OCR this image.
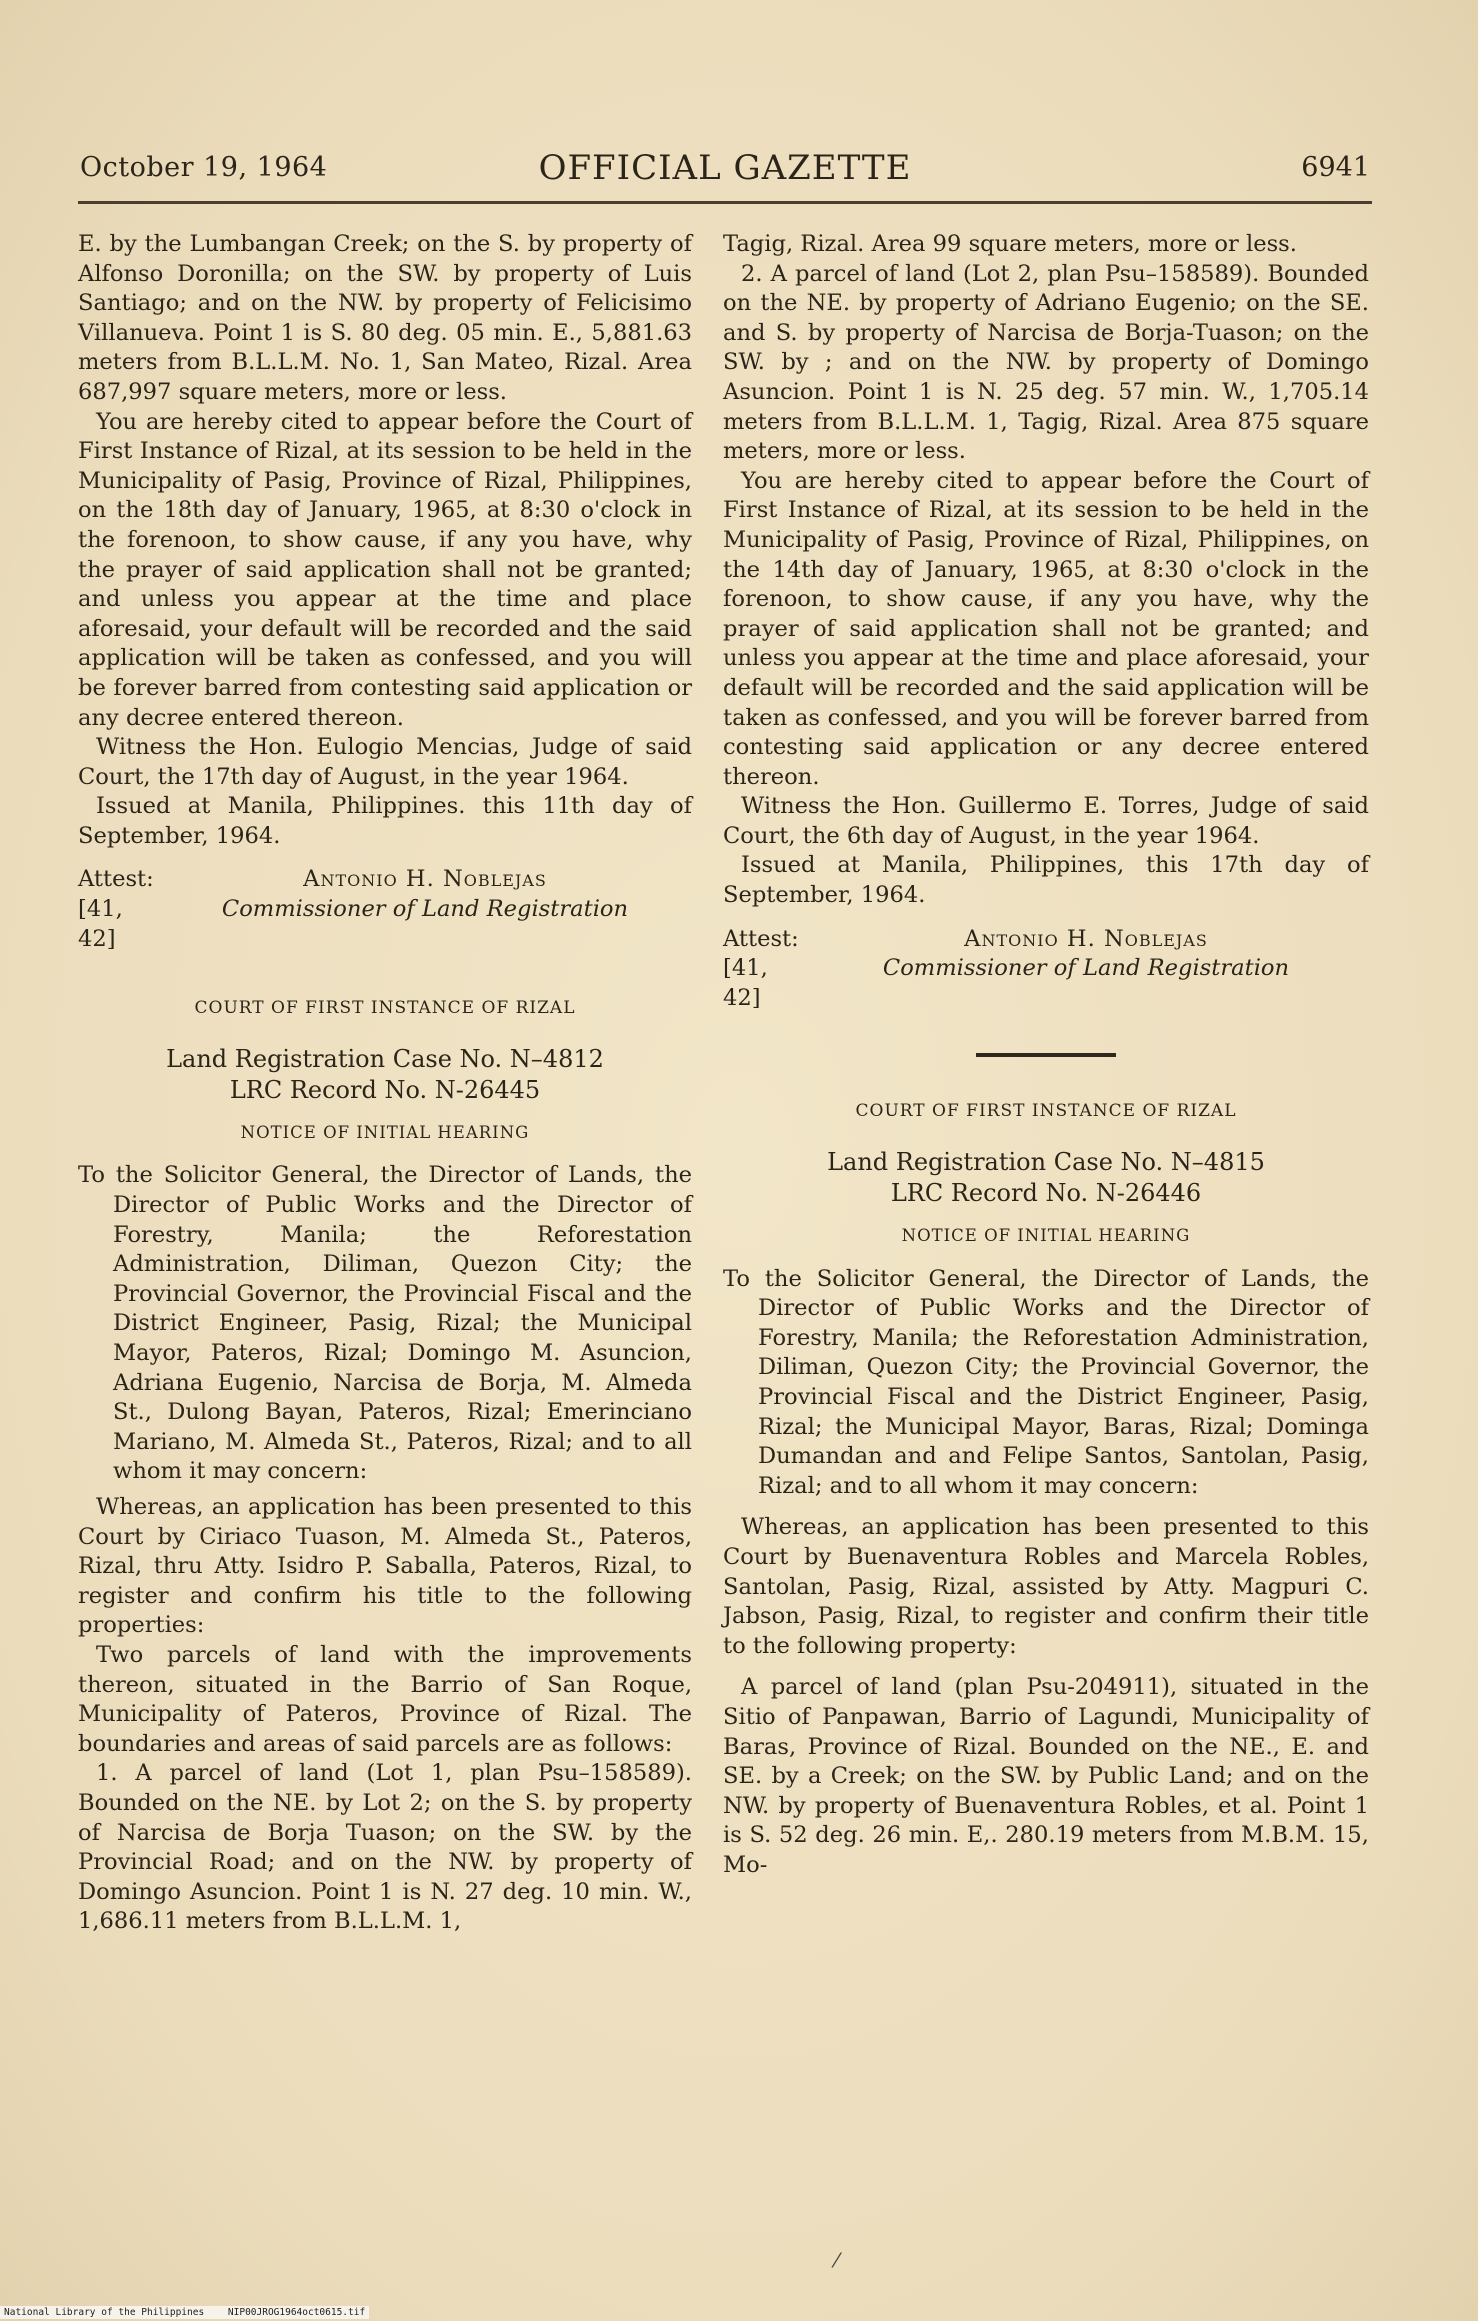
October 19, 1964	OFFICIAL GAZETTE	6941

E. by the Lumbangan Creek; on the S. by property of Alfonso Doronilla; on the SW. by property of Luis Santiago; and on the NW. by property of Felicisimo Villanueva. Point 1 is S. 80 deg. 05 min. E., 5,881.63 meters from B.L.L.M. No. 1, San Mateo, Rizal. Area 687,997 square meters, more or less.

You are hereby cited to appear before the Court of First Instance of Rizal, at its session to be held in the Municipality of Pasig, Province of Rizal, Philippines, on the 18th day of January, 1965, at 8:30 o'clock in the forenoon, to show cause, if any you have, why the prayer of said application shall not be granted; and unless you appear at the time and place aforesaid, your default will be recorded and the said application will be taken as confessed, and you will be forever barred from contesting said application or any decree entered thereon.

Witness the Hon. Eulogio Mencias, Judge of said Court, the 17th day of August, in the year 1964.

Issued at Manila, Philippines. this 11th day of September, 1964.

Attest:	Antonio H. Noblejas
[41, 42]
Commissioner of Land Registration

COURT OF FIRST INSTANCE OF RIZAL

Land Registration Case No. N–4812
LRC Record No. N-26445

NOTICE OF INITIAL HEARING

To the Solicitor General, the Director of Lands, the Director of Public Works and the Director of Forestry, Manila; the Reforestation Administration, Diliman, Quezon City; the Provincial Governor, the Provincial Fiscal and the District Engineer, Pasig, Rizal; the Municipal Mayor, Pateros, Rizal; Domingo M. Asuncion, Adriana Eugenio, Narcisa de Borja, M. Almeda St., Dulong Bayan, Pateros, Rizal; Emerinciano Mariano, M. Almeda St., Pateros, Rizal; and to all whom it may concern:

Whereas, an application has been presented to this Court by Ciriaco Tuason, M. Almeda St., Pateros, Rizal, thru Atty. Isidro P. Saballa, Pateros, Rizal, to register and confirm his title to the following properties:

Two parcels of land with the improvements thereon, situated in the Barrio of San Roque, Municipality of Pateros, Province of Rizal. The boundaries and areas of said parcels are as follows:

1. A parcel of land (Lot 1, plan Psu–158589). Bounded on the NE. by Lot 2; on the S. by property of Narcisa de Borja Tuason; on the SW. by the Provincial Road; and on the NW. by property of Domingo Asuncion. Point 1 is N. 27 deg. 10 min. W., 1,686.11 meters from B.L.L.M. 1,

Tagig, Rizal. Area 99 square meters, more or less.

2. A parcel of land (Lot 2, plan Psu–158589). Bounded on the NE. by property of Adriano Eugenio; on the SE. and S. by property of Narcisa de Borja-Tuason; on the SW. by ; and on the NW. by property of Domingo Asuncion. Point 1 is N. 25 deg. 57 min. W., 1,705.14 meters from B.L.L.M. 1, Tagig, Rizal. Area 875 square meters, more or less.

You are hereby cited to appear before the Court of First Instance of Rizal, at its session to be held in the Municipality of Pasig, Province of Rizal, Philippines, on the 14th day of January, 1965, at 8:30 o'clock in the forenoon, to show cause, if any you have, why the prayer of said application shall not be granted; and unless you appear at the time and place aforesaid, your default will be recorded and the said application will be taken as confessed, and you will be forever barred from contesting said application or any decree entered thereon.

Witness the Hon. Guillermo E. Torres, Judge of said Court, the 6th day of August, in the year 1964.

Issued at Manila, Philippines, this 17th day of September, 1964.

Attest:	Antonio H. Noblejas
[41, 42]
Commissioner of Land Registration

COURT OF FIRST INSTANCE OF RIZAL

Land Registration Case No. N–4815
LRC Record No. N-26446

NOTICE OF INITIAL HEARING

To the Solicitor General, the Director of Lands, the Director of Public Works and the Director of Forestry, Manila; the Reforestation Administration, Diliman, Quezon City; the Provincial Governor, the Provincial Fiscal and the District Engineer, Pasig, Rizal; the Municipal Mayor, Baras, Rizal; Dominga Dumandan and and Felipe Santos, Santolan, Pasig, Rizal; and to all whom it may concern:

Whereas, an application has been presented to this Court by Buenaventura Robles and Marcela Robles, Santolan, Pasig, Rizal, assisted by Atty. Magpuri C. Jabson, Pasig, Rizal, to register and confirm their title to the following property:

A parcel of land (plan Psu-204911), situated in the Sitio of Panpawan, Barrio of Lagundi, Municipality of Baras, Province of Rizal. Bounded on the NE., E. and SE. by a Creek; on the SW. by Public Land; and on the NW. by property of Buenaventura Robles, et al. Point 1 is S. 52 deg. 26 min. E,. 280.19 meters from M.B.M. 15, Mo-

⁄
National Library of the Philippines NIP00JROG1964oct0615.tif
